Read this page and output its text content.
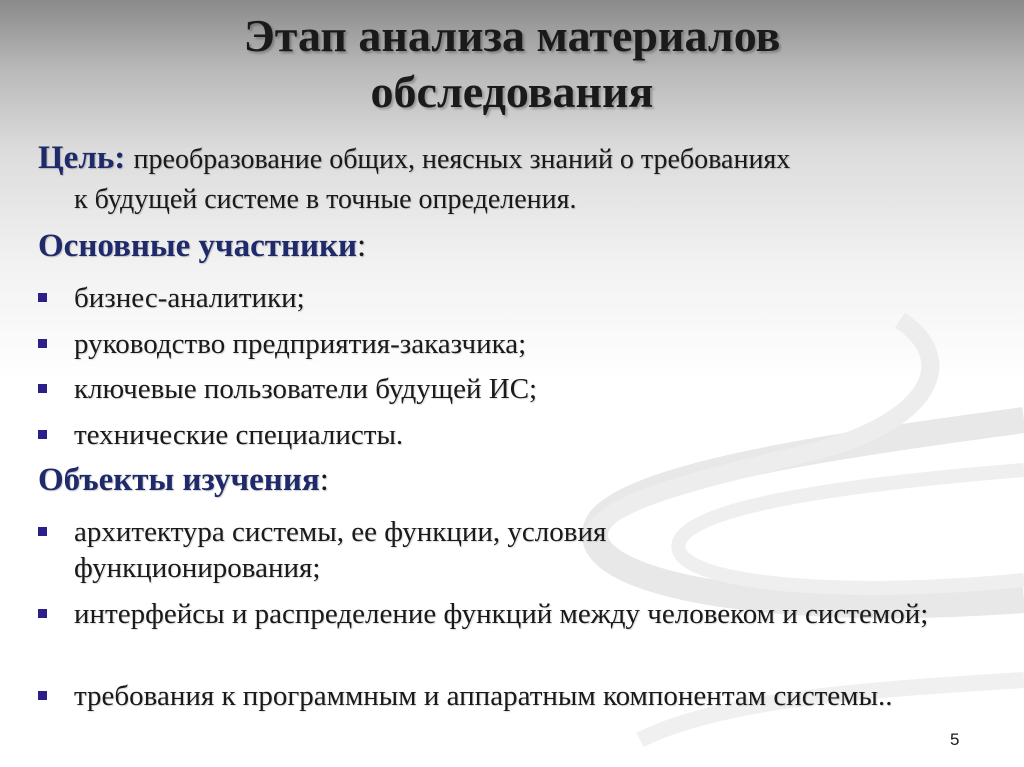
Этап анализа материалов
обследования
Цель: преобразование общих, неясных знаний о требованиях
к будущей системе в точные определения.
Основные участники:
бизнес-аналитики;
руководство предприятия-заказчика;
ключевые пользователи будущей ИС;
технические специалисты.
Объекты изучения:
архитектура системы, ее функции, условия функционирования;
интерфейсы и распределение функций между человеком и системой;
требования к программным и аппаратным компонентам системы..
5
